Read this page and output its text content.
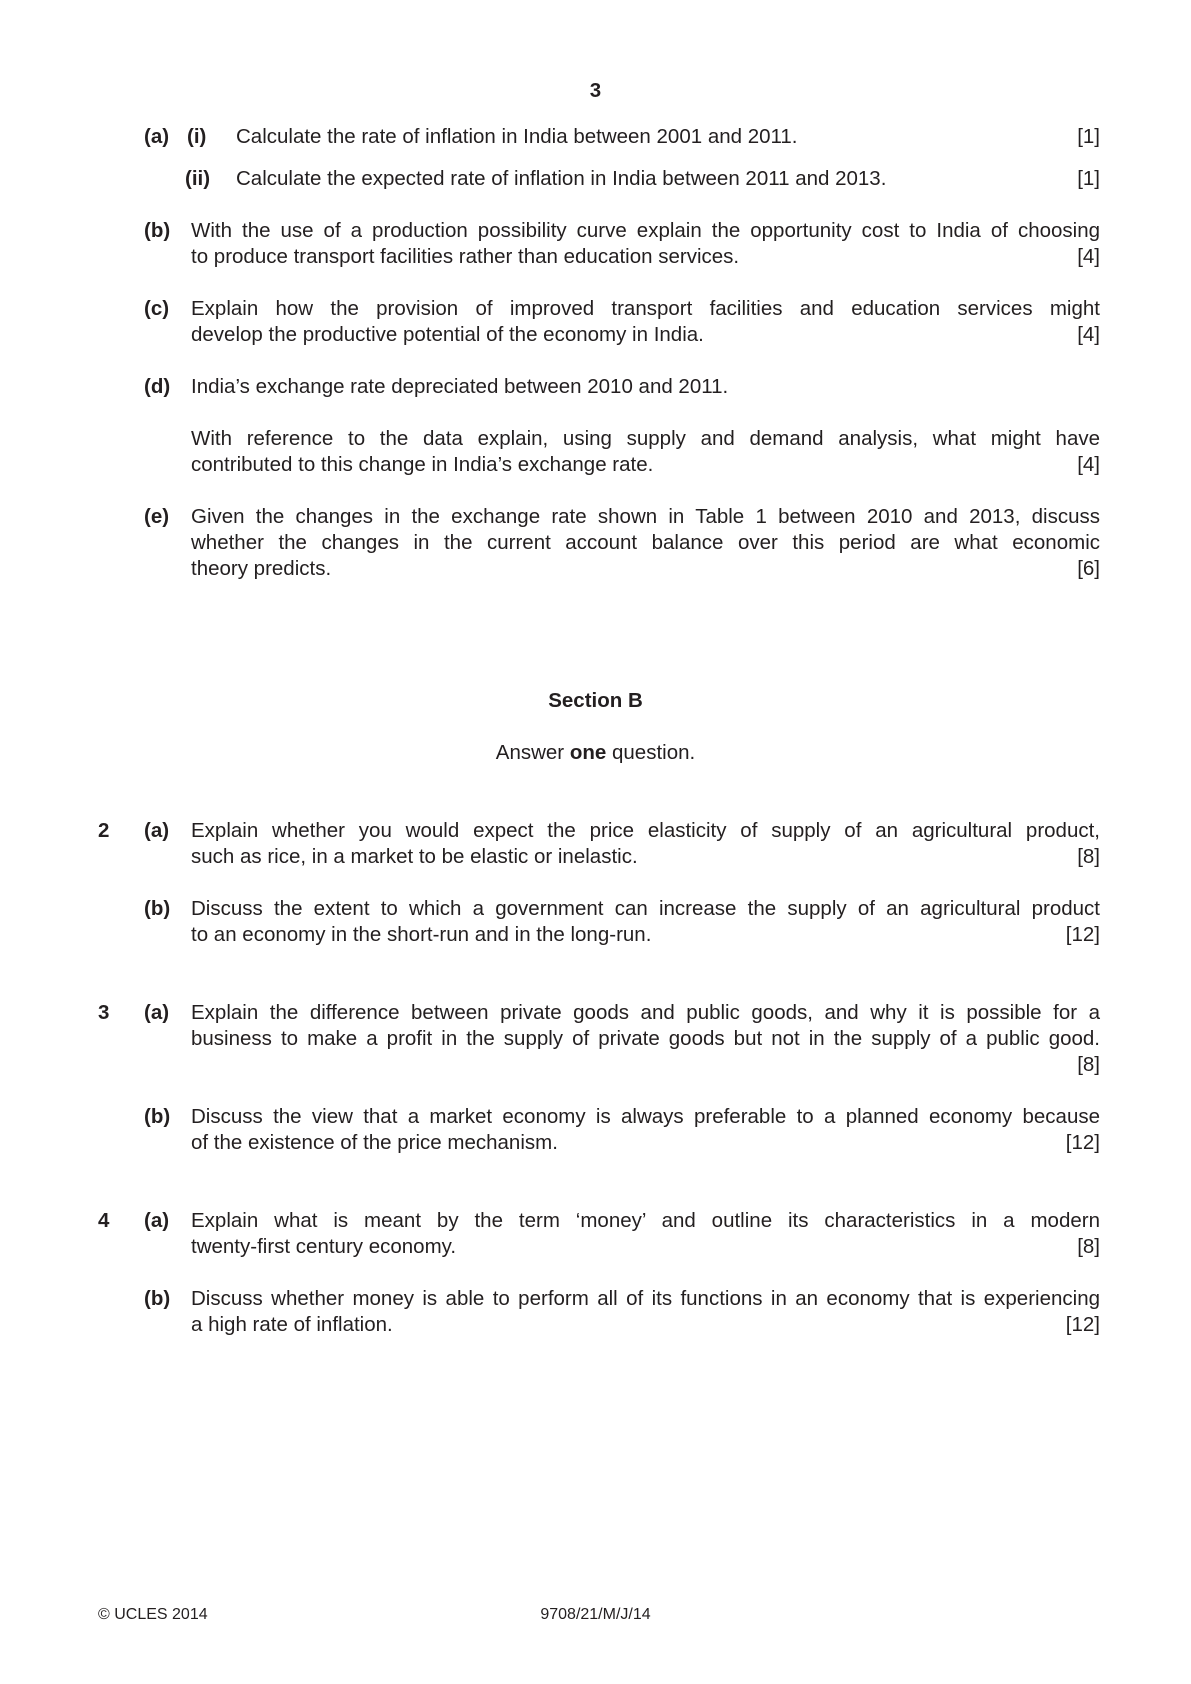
3
(a) (i) Calculate the rate of inflation in India between 2001 and 2011.	[1]
(ii) Calculate the expected rate of inflation in India between 2011 and 2013.	[1]
(b) With the use of a production possibility curve explain the opportunity cost to India of choosing
to produce transport facilities rather than education services.	[4]
(c) Explain how the provision of improved transport facilities and education services might
develop the productive potential of the economy in India.	[4]
(d) India’s exchange rate depreciated between 2010 and 2011.
With reference to the data explain, using supply and demand analysis, what might have
contributed to this change in India’s exchange rate.	[4]
(e) Given the changes in the exchange rate shown in Table 1 between 2010 and 2013, discuss
whether the changes in the current account balance over this period are what economic
theory predicts.	[6]
Section B
Answer one question.
2 (a) Explain whether you would expect the price elasticity of supply of an agricultural product,
such as rice, in a market to be elastic or inelastic.	[8]
(b) Discuss the extent to which a government can increase the supply of an agricultural product
to an economy in the short-run and in the long-run.	[12]
3 (a) Explain the difference between private goods and public goods, and why it is possible for a
business to make a profit in the supply of private goods but not in the supply of a public good.
[8]
(b) Discuss the view that a market economy is always preferable to a planned economy because
of the existence of the price mechanism.	[12]
4 (a) Explain what is meant by the term ‘money’ and outline its characteristics in a modern
twenty-first century economy.	[8]
(b) Discuss whether money is able to perform all of its functions in an economy that is experiencing
a high rate of inflation.	[12]
© UCLES 2014	9708/21/M/J/14
